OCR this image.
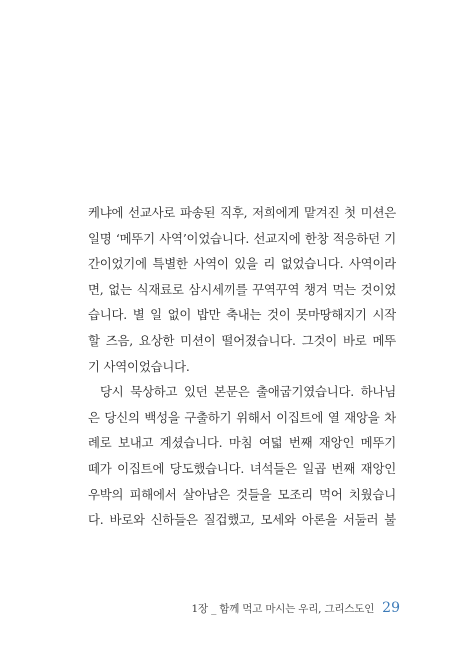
케냐에 선교사로 파송된 직후, 저희에게 맡겨진 첫 미션은
일명 ‘메뚜기 사역’이었습니다. 선교지에 한창 적응하던 기
간이었기에 특별한 사역이 있을 리 없었습니다. 사역이라
면, 없는 식재료로 삼시세끼를 꾸역꾸역 챙겨 먹는 것이었
습니다. 별 일 없이 밥만 축내는 것이 못마땅해지기 시작
할 즈음, 요상한 미션이 떨어졌습니다. 그것이 바로 메뚜
기 사역이었습니다.

당시 묵상하고 있던 본문은 출애굽기였습니다. 하나님
은 당신의 백성을 구출하기 위해서 이집트에 열 재앙을 차
례로 보내고 계셨습니다. 마침 여덟 번째 재앙인 메뚜기
떼가 이집트에 당도했습니다. 녀석들은 일곱 번째 재앙인
우박의 피해에서 살아남은 것들을 모조리 먹어 치웠습니
다. 바로와 신하들은 질겁했고, 모세와 아론을 서둘러 불

1장 _ 함께 먹고 마시는 우리, 그리스도인 29
